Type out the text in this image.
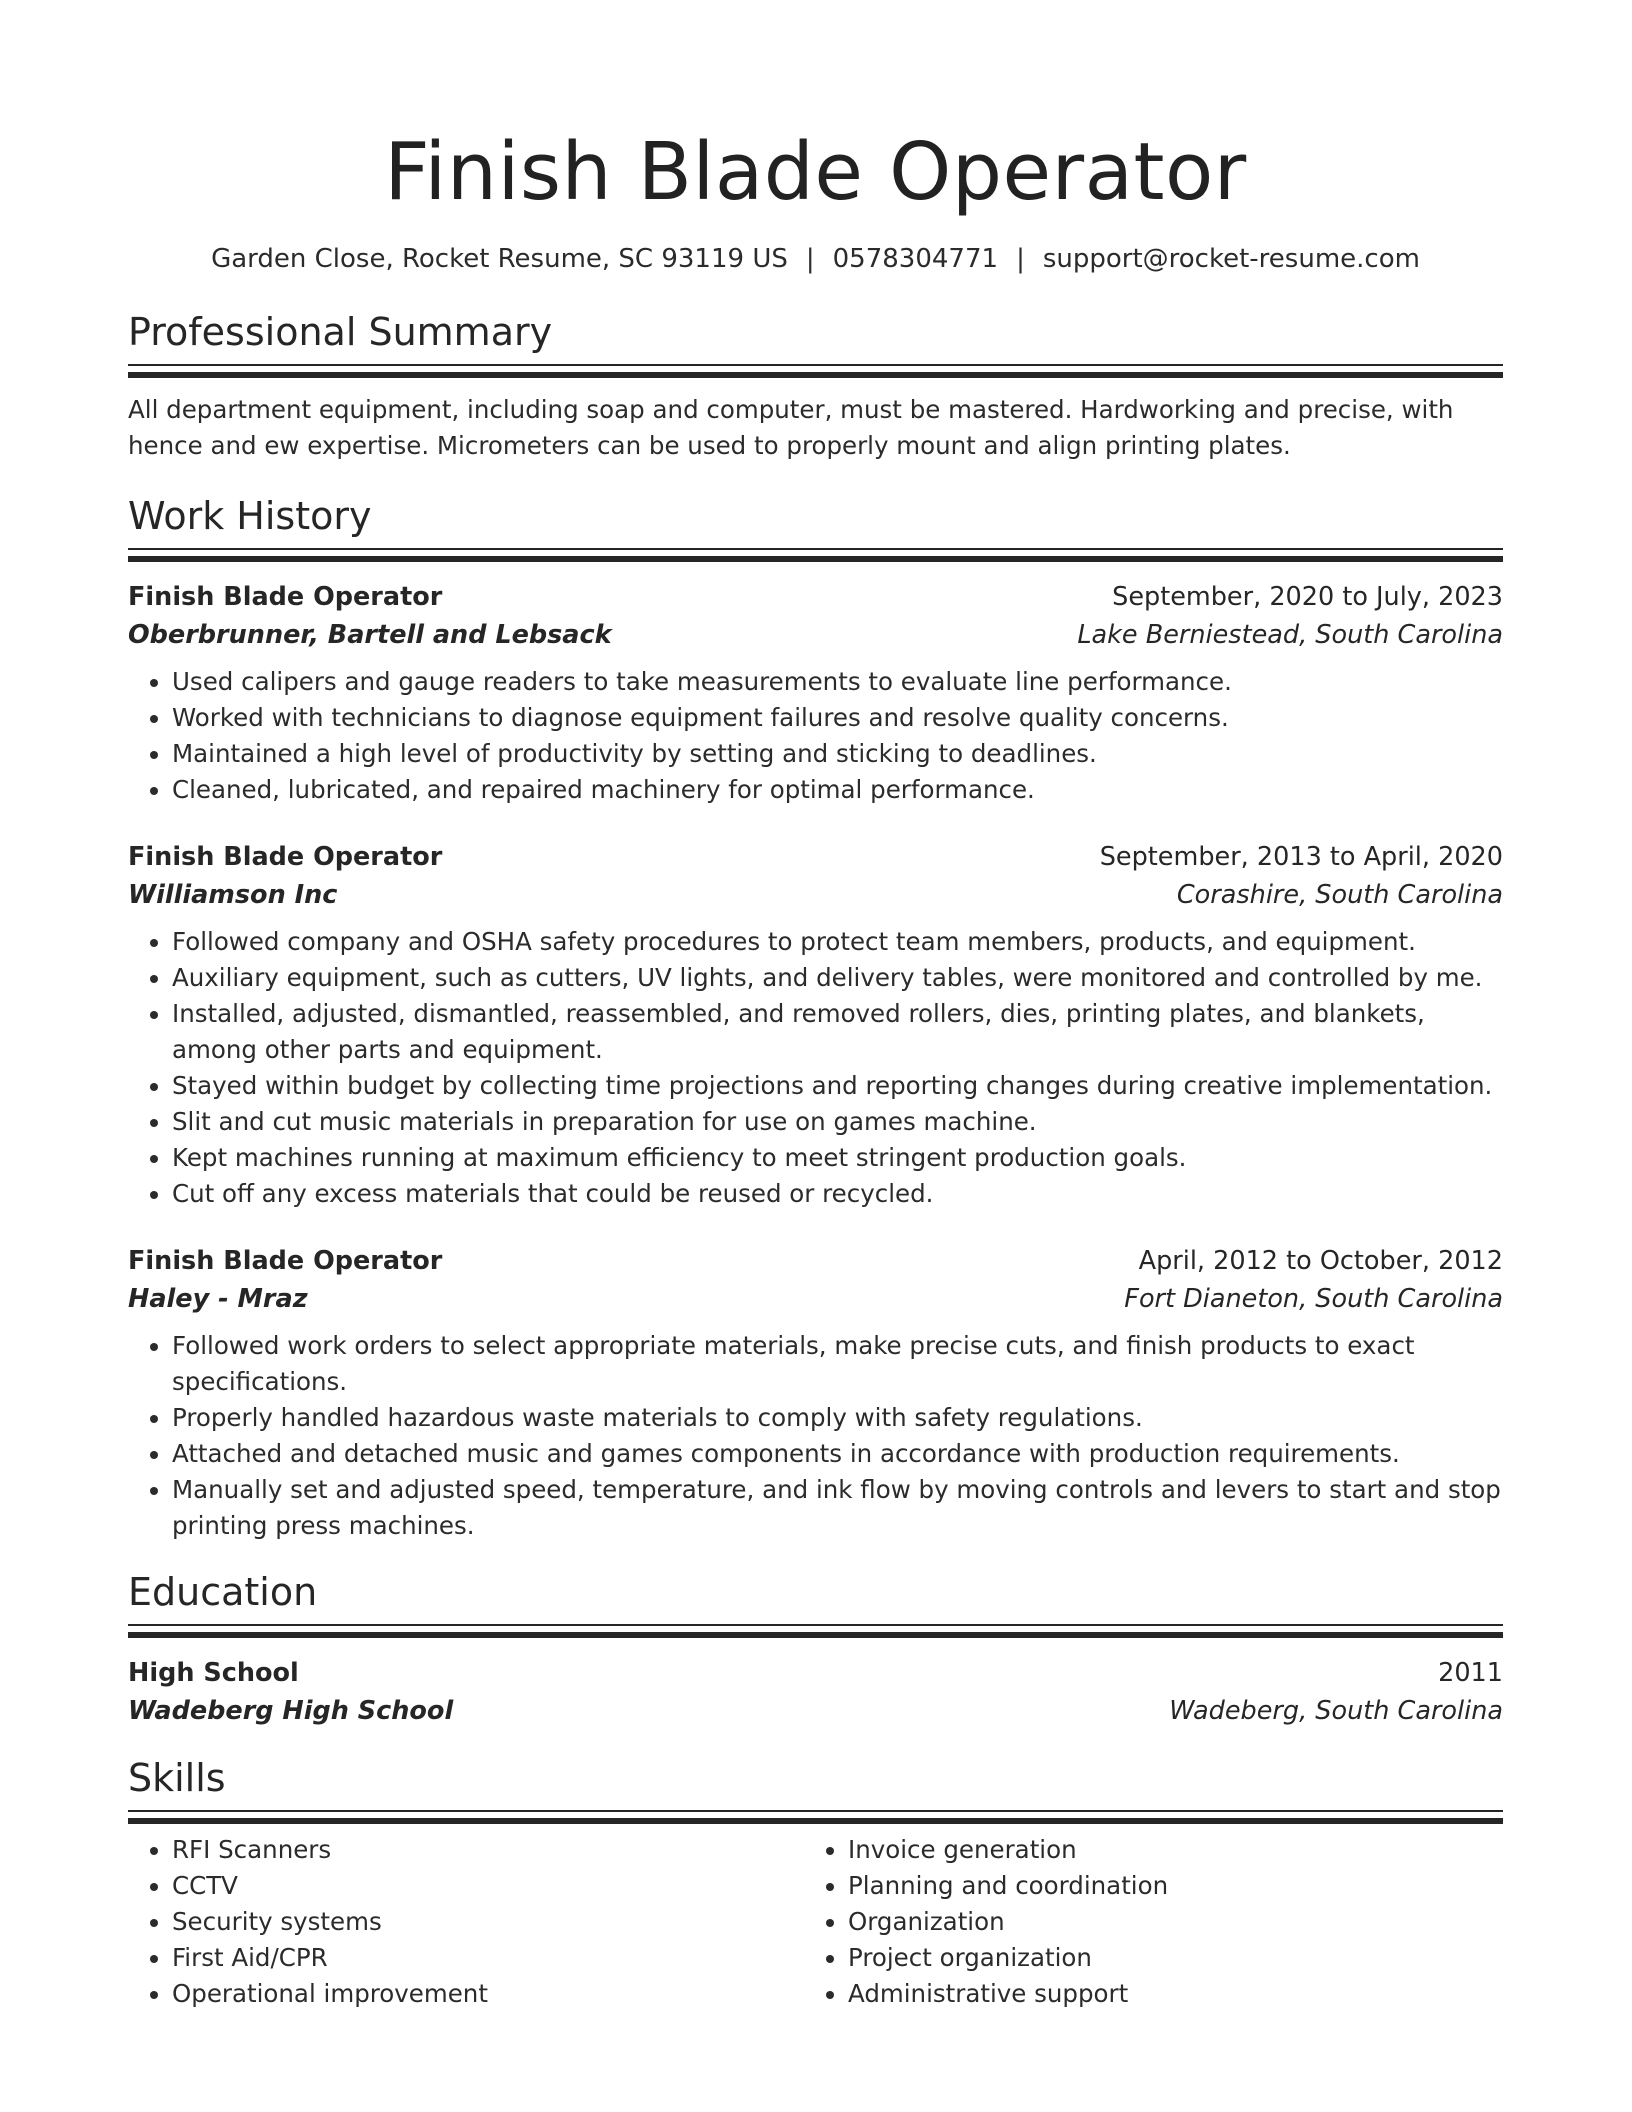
Finish Blade Operator
Garden Close, Rocket Resume, SC 93119 US | 0578304771 | support@rocket-resume.com
Professional Summary

All department equipment, including soap and computer, must be mastered. Hardworking and precise, with hence and ew expertise. Micrometers can be used to properly mount and align printing plates.

Work History
Finish Blade Operator	September, 2020 to July, 2023
Oberbrunner, Bartell and Lebsack	Lake Berniestead, South Carolina
• Used calipers and gauge readers to take measurements to evaluate line performance.
• Worked with technicians to diagnose equipment failures and resolve quality concerns.
• Maintained a high level of productivity by setting and sticking to deadlines.
• Cleaned, lubricated, and repaired machinery for optimal performance.
Finish Blade Operator	September, 2013 to April, 2020
Williamson Inc	Corashire, South Carolina
• Followed company and OSHA safety procedures to protect team members, products, and equipment.
• Auxiliary equipment, such as cutters, UV lights, and delivery tables, were monitored and controlled by me.
• Installed, adjusted, dismantled, reassembled, and removed rollers, dies, printing plates, and blankets, among other parts and equipment.
• Stayed within budget by collecting time projections and reporting changes during creative implementation.
• Slit and cut music materials in preparation for use on games machine.
• Kept machines running at maximum efficiency to meet stringent production goals.
• Cut off any excess materials that could be reused or recycled.
Finish Blade Operator	April, 2012 to October, 2012
Haley - Mraz	Fort Dianeton, South Carolina
• Followed work orders to select appropriate materials, make precise cuts, and finish products to exact specifications.
• Properly handled hazardous waste materials to comply with safety regulations.
• Attached and detached music and games components in accordance with production requirements.
• Manually set and adjusted speed, temperature, and ink flow by moving controls and levers to start and stop printing press machines.
Education
High School	2011
Wadeberg High School	Wadeberg, South Carolina
Skills
• RFI Scanners
• CCTV
• Security systems
• First Aid/CPR
• Operational improvement
• Invoice generation
• Planning and coordination
• Organization
• Project organization
• Administrative support
